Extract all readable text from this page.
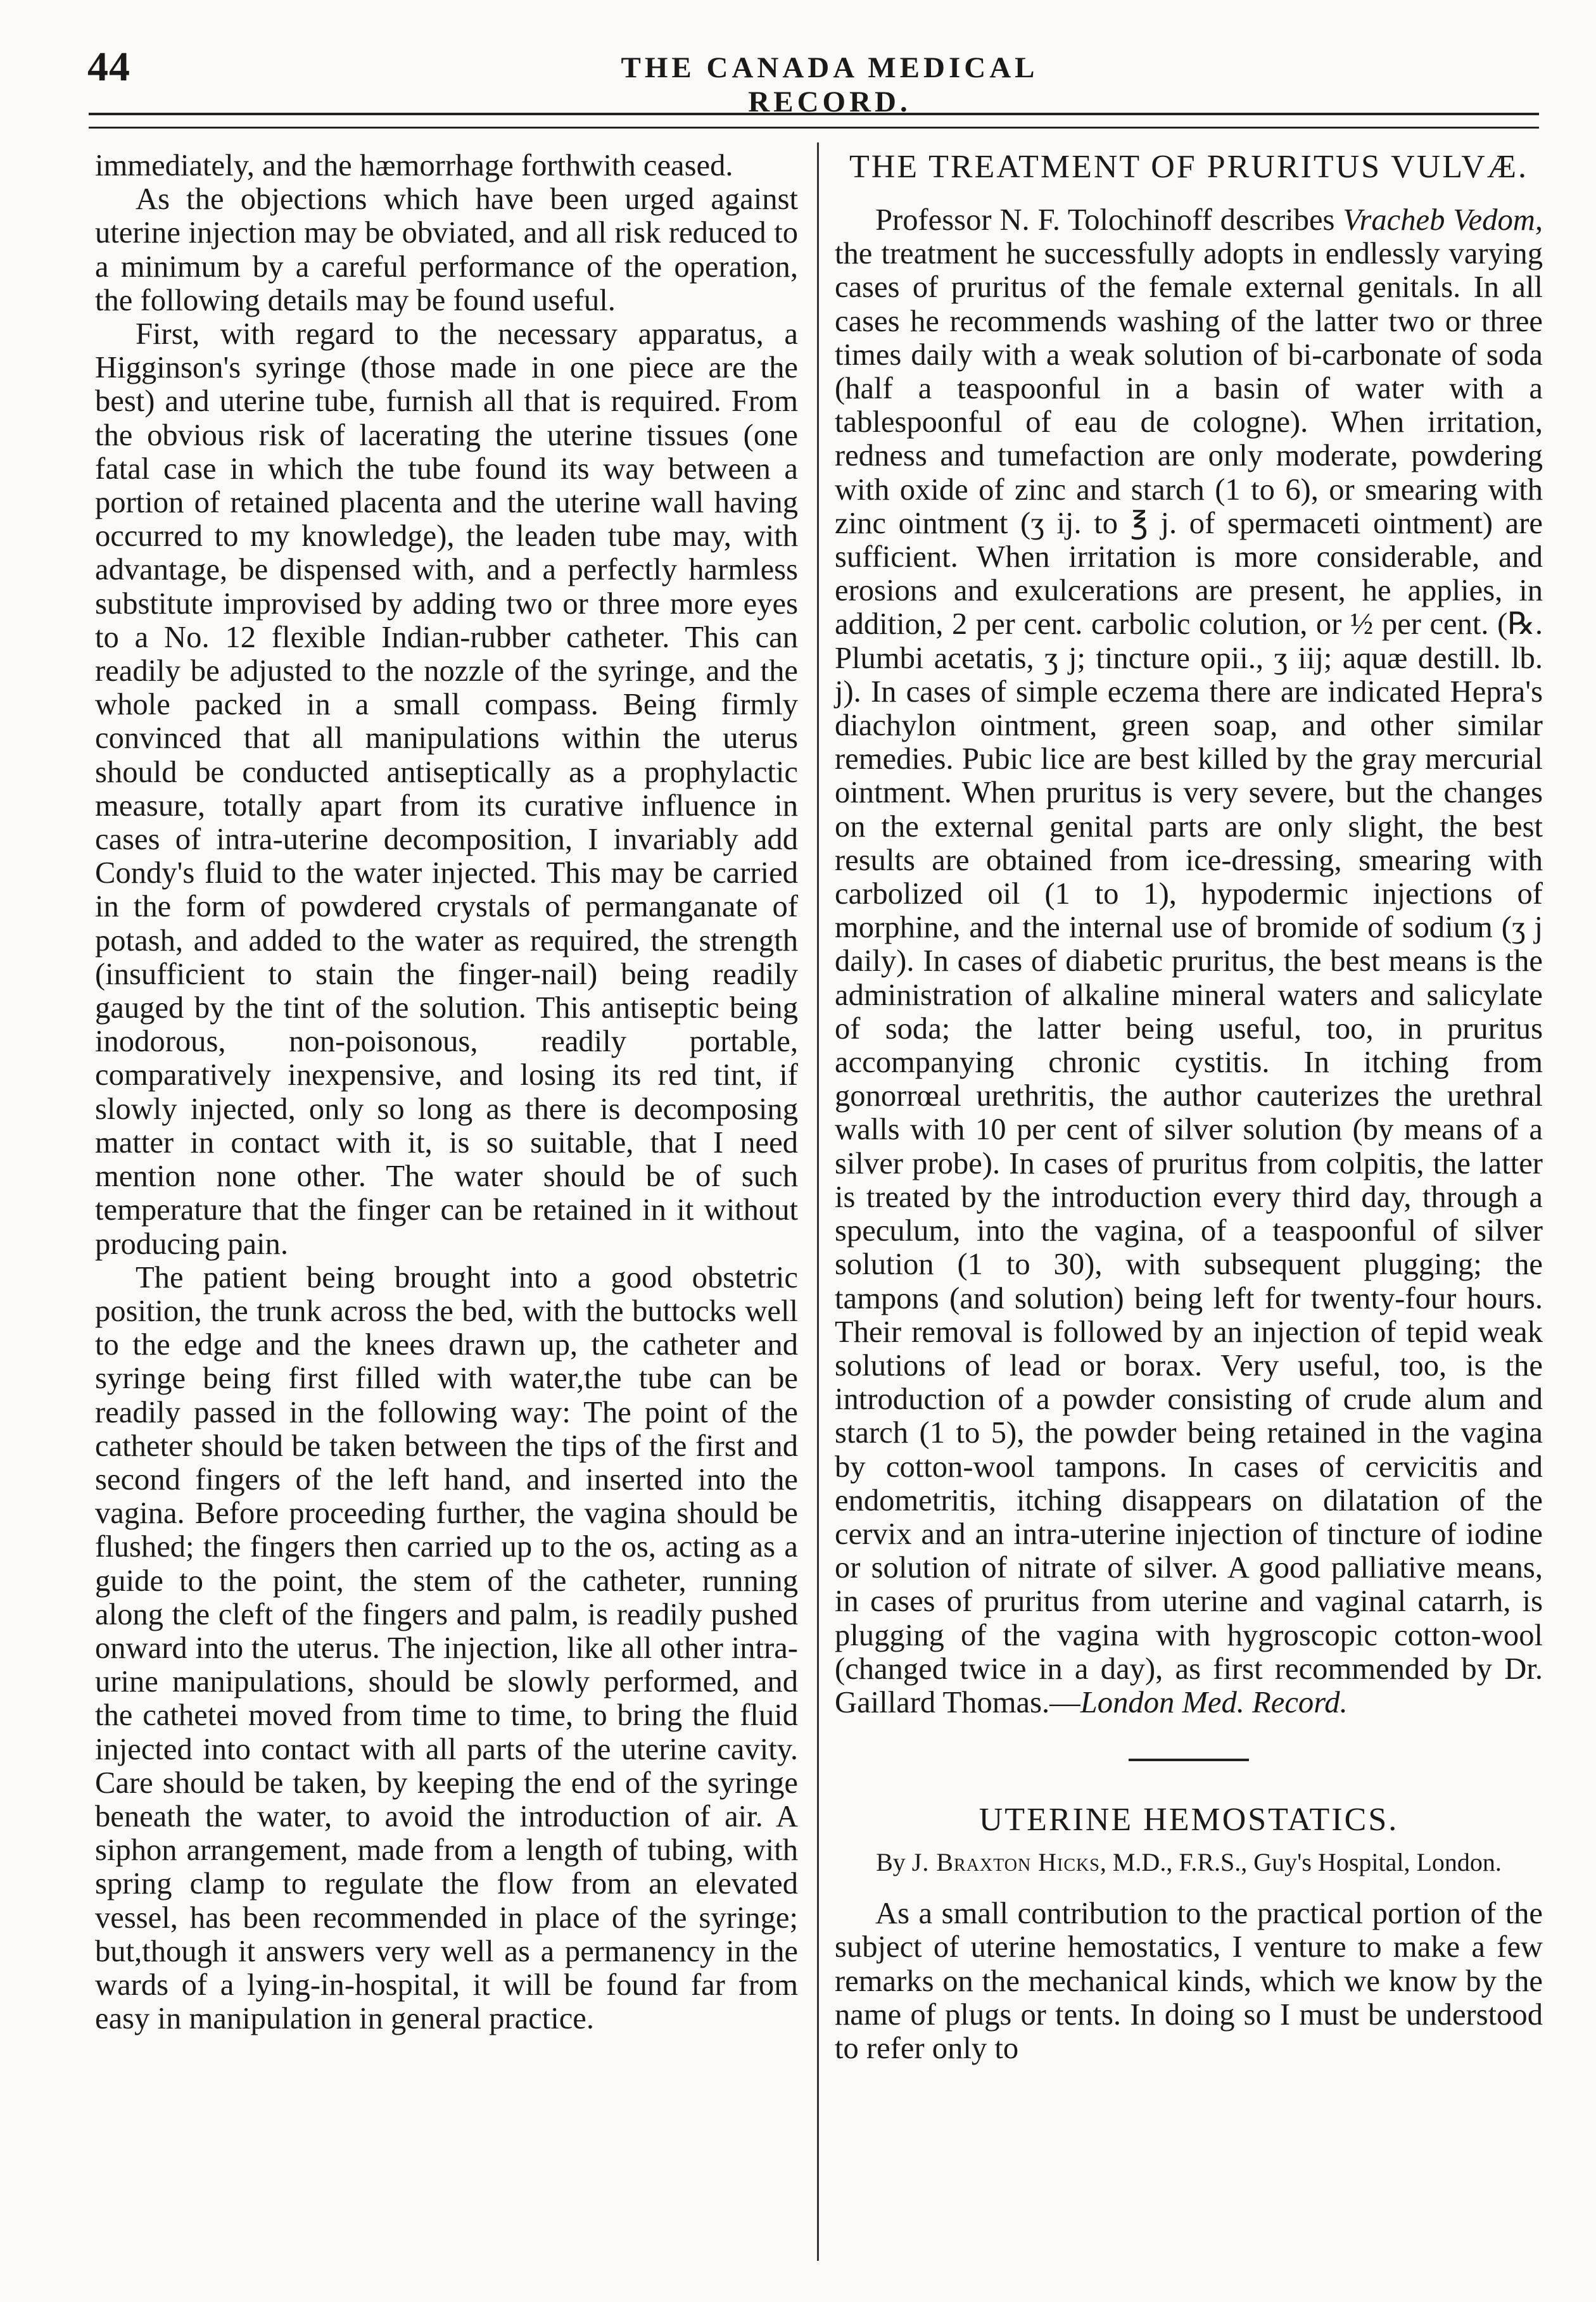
44	THE CANADA MEDICAL RECORD.

immediately, and the hæmorrhage forthwith ceased.

As the objections which have been urged against uterine injection may be obviated, and all risk reduced to a minimum by a careful performance of the operation, the following details may be found useful.

First, with regard to the necessary apparatus, a Higginson's syringe (those made in one piece are the best) and uterine tube, furnish all that is required. From the obvious risk of lacerating the uterine tissues (one fatal case in which the tube found its way between a portion of retained placenta and the uterine wall having occurred to my knowledge), the leaden tube may, with advantage, be dispensed with, and a perfectly harmless substitute improvised by adding two or three more eyes to a No. 12 flexible Indian-rubber catheter. This can readily be adjusted to the nozzle of the syringe, and the whole packed in a small compass. Being firmly convinced that all manipulations within the uterus should be conducted antiseptically as a prophylactic measure, totally apart from its curative influence in cases of intra-uterine decomposition, I invariably add Condy's fluid to the water injected. This may be carried in the form of powdered crystals of permanganate of potash, and added to the water as required, the strength (insufficient to stain the finger-nail) being readily gauged by the tint of the solution. This antiseptic being inodorous, non-poisonous, readily portable, comparatively inexpensive, and losing its red tint, if slowly injected, only so long as there is decomposing matter in contact with it, is so suitable, that I need mention none other. The water should be of such temperature that the finger can be retained in it without producing pain.

The patient being brought into a good obstetric position, the trunk across the bed, with the buttocks well to the edge and the knees drawn up, the catheter and syringe being first filled with water,the tube can be readily passed in the following way: The point of the catheter should be taken between the tips of the first and second fingers of the left hand, and inserted into the vagina. Before proceeding further, the vagina should be flushed; the fingers then carried up to the os, acting as a guide to the point, the stem of the catheter, running along the cleft of the fingers and palm, is readily pushed onward into the uterus. The injection, like all other intra-urine manipulations, should be slowly performed, and the cathetei moved from time to time, to bring the fluid injected into contact with all parts of the uterine cavity. Care should be taken, by keeping the end of the syringe beneath the water, to avoid the introduction of air. A siphon arrangement, made from a length of tubing, with spring clamp to regulate the flow from an elevated vessel, has been recommended in place of the syringe; but,though it answers very well as a permanency in the wards of a lying-in-hospital, it will be found far from easy in manipulation in general practice.

THE TREATMENT OF PRURITUS VULVÆ.

Professor N. F. Tolochinoff describes Vracheb Vedom, the treatment he successfully adopts in endlessly varying cases of pruritus of the female external genitals. In all cases he recommends washing of the latter two or three times daily with a weak solution of bi-carbonate of soda (half a teaspoonful in a basin of water with a tablespoonful of eau de cologne). When irritation, redness and tumefaction are only moderate, powdering with oxide of zinc and starch (1 to 6), or smearing with zinc ointment (ʒ ij. to ℥ j. of spermaceti ointment) are sufficient. When irritation is more considerable, and erosions and exulcerations are present, he applies, in addition, 2 per cent. carbolic colution, or ½ per cent. (℞. Plumbi acetatis, ʒ j; tincture opii., ʒ iij; aquæ destill. lb. j). In cases of simple eczema there are indicated Hepra's diachylon ointment, green soap, and other similar remedies. Pubic lice are best killed by the gray mercurial ointment. When pruritus is very severe, but the changes on the external genital parts are only slight, the best results are obtained from ice-dressing, smearing with carbolized oil (1 to 1), hypodermic injections of morphine, and the internal use of bromide of sodium (ʒ j daily). In cases of diabetic pruritus, the best means is the administration of alkaline mineral waters and salicylate of soda; the latter being useful, too, in pruritus accompanying chronic cystitis. In itching from gonorrœal urethritis, the author cauterizes the urethral walls with 10 per cent of silver solution (by means of a silver probe). In cases of pruritus from colpitis, the latter is treated by the introduction every third day, through a speculum, into the vagina, of a teaspoonful of silver solution (1 to 30), with subsequent plugging; the tampons (and solution) being left for twenty-four hours. Their removal is followed by an injection of tepid weak solutions of lead or borax. Very useful, too, is the introduction of a powder consisting of crude alum and starch (1 to 5), the powder being retained in the vagina by cotton-wool tampons. In cases of cervicitis and endometritis, itching disappears on dilatation of the cervix and an intra-uterine injection of tincture of iodine or solution of nitrate of silver. A good palliative means, in cases of pruritus from uterine and vaginal catarrh, is plugging of the vagina with hygroscopic cotton-wool (changed twice in a day), as first recommended by Dr. Gaillard Thomas.—London Med. Record.

UTERINE HEMOSTATICS.
By J. Braxton Hicks, M.D., F.R.S., Guy's Hospital, London.

As a small contribution to the practical portion of the subject of uterine hemostatics, I venture to make a few remarks on the mechanical kinds, which we know by the name of plugs or tents. In doing so I must be understood to refer only to
